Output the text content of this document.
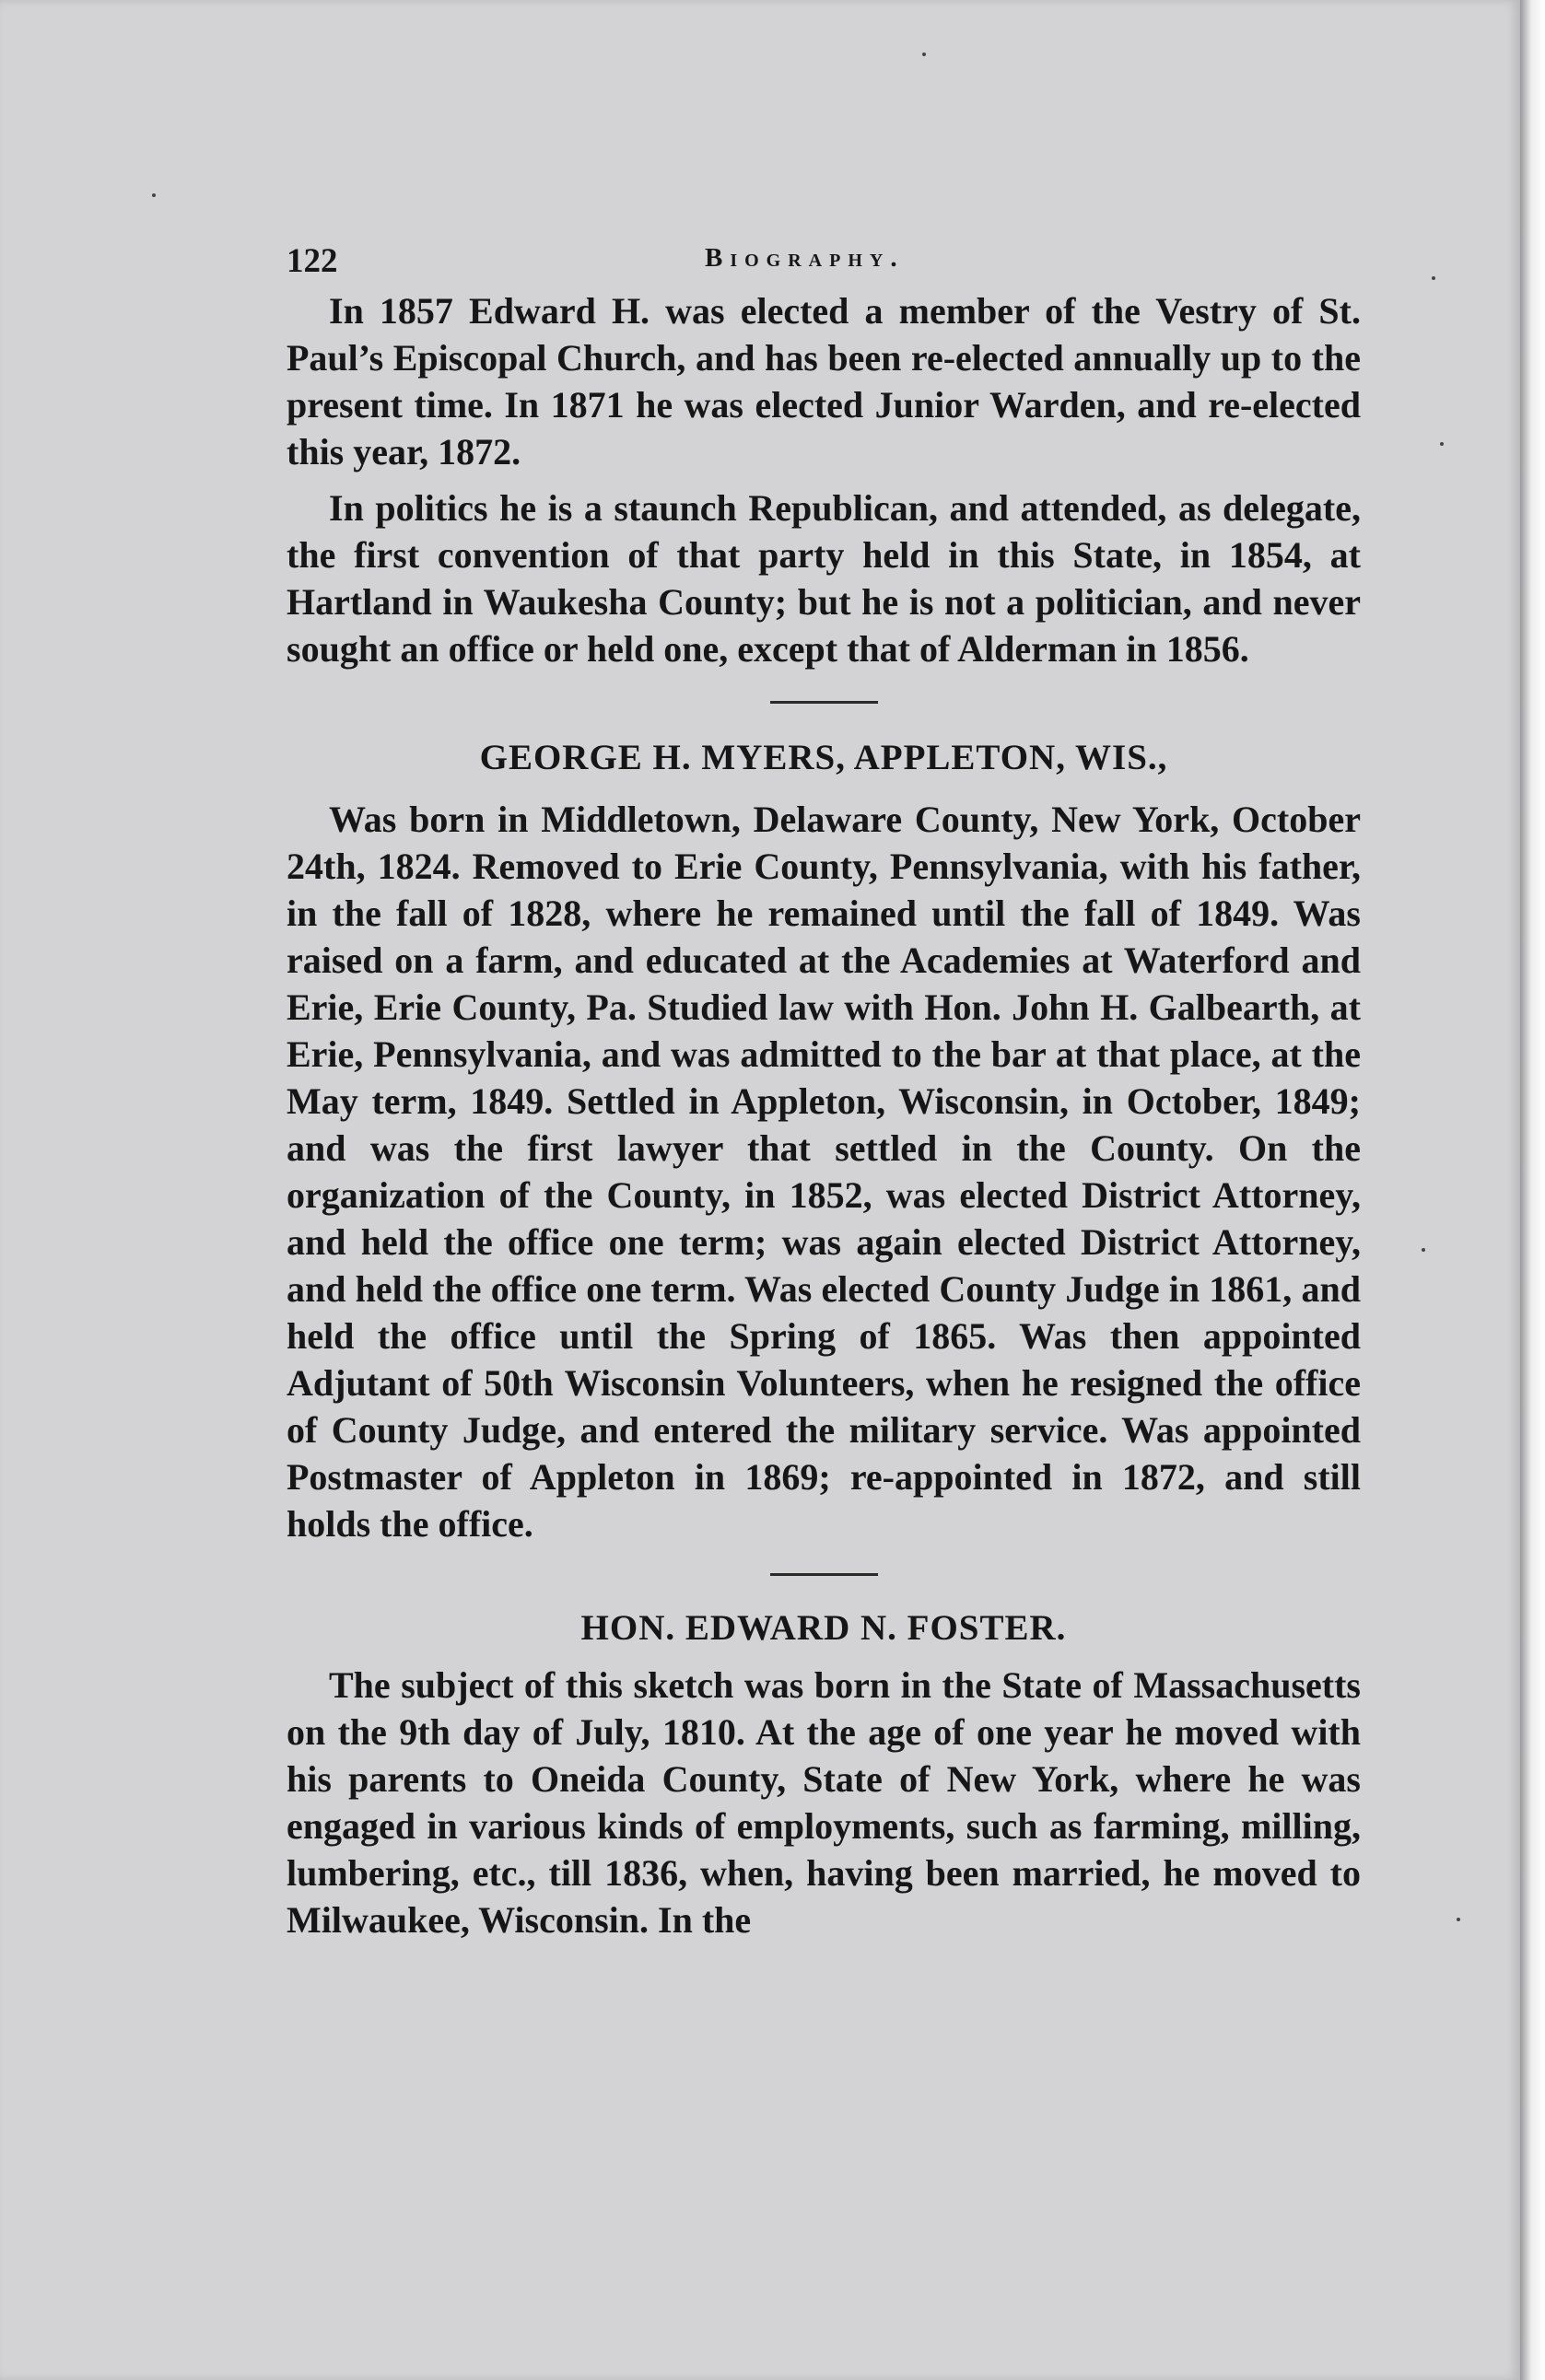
122	Biography.

In 1857 Edward H. was elected a member of the Vestry of St. Paul’s Episcopal Church, and has been re-elected annually up to the present time. In 1871 he was elected Junior Warden, and re-elected this year, 1872.

In politics he is a staunch Republican, and attended, as delegate, the first convention of that party held in this State, in 1854, at Hartland in Waukesha County; but he is not a politician, and never sought an office or held one, except that of Alderman in 1856.

GEORGE H. MYERS, APPLETON, WIS.,

Was born in Middletown, Delaware County, New York, October 24th, 1824. Removed to Erie County, Pennsylvania, with his father, in the fall of 1828, where he remained until the fall of 1849. Was raised on a farm, and educated at the Academies at Waterford and Erie, Erie County, Pa. Studied law with Hon. John H. Galbearth, at Erie, Pennsylvania, and was admitted to the bar at that place, at the May term, 1849. Settled in Appleton, Wisconsin, in October, 1849; and was the first lawyer that settled in the County. On the organization of the County, in 1852, was elected District Attorney, and held the office one term; was again elected District Attorney, and held the office one term. Was elected County Judge in 1861, and held the office until the Spring of 1865. Was then appointed Adjutant of 50th Wisconsin Volunteers, when he resigned the office of County Judge, and entered the military service. Was appointed Postmaster of Appleton in 1869; re-appointed in 1872, and still holds the office.

HON. EDWARD N. FOSTER.

The subject of this sketch was born in the State of Massachusetts on the 9th day of July, 1810. At the age of one year he moved with his parents to Oneida County, State of New York, where he was engaged in various kinds of employments, such as farming, milling, lumbering, etc., till 1836, when, having been married, he moved to Milwaukee, Wisconsin. In the
